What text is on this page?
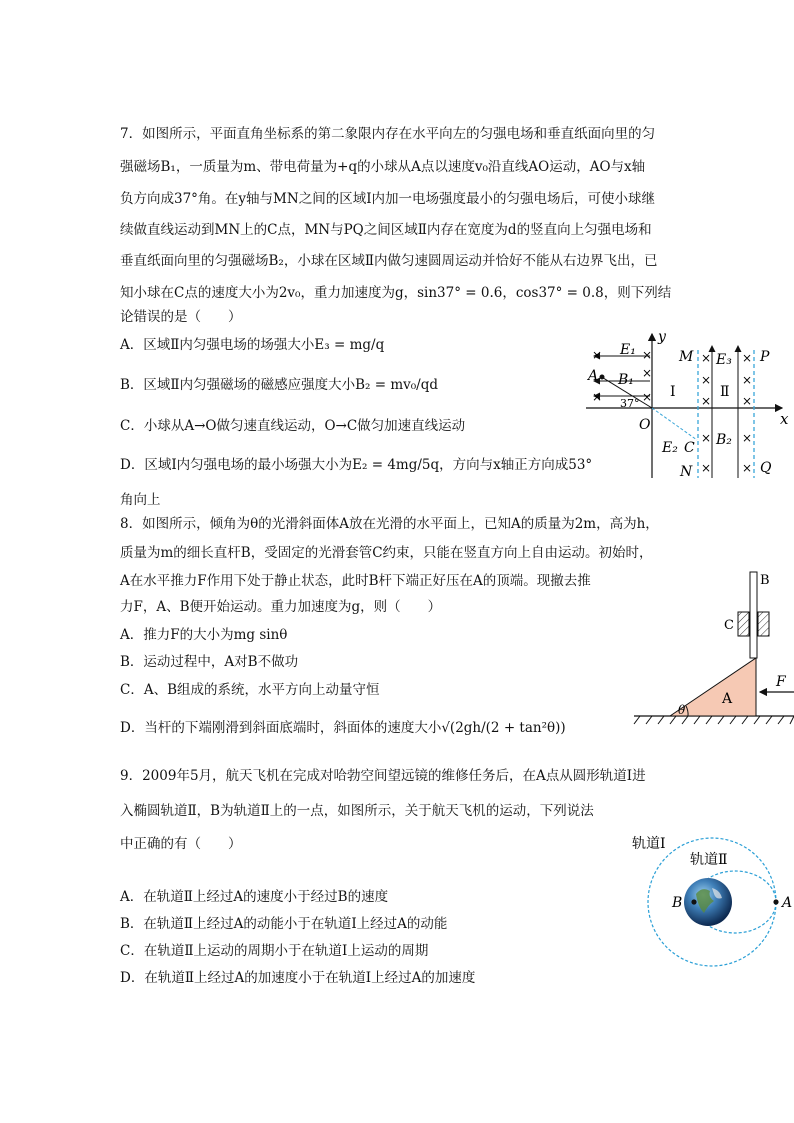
7．如图所示，平面直角坐标系的第二象限内存在水平向左的匀强电场和垂直纸面向里的匀
强磁场B₁，一质量为m、带电荷量为+q的小球从A点以速度v₀沿直线AO运动，AO与x轴
负方向成37°角。在y轴与MN之间的区域Ⅰ内加一电场强度最小的匀强电场后，可使小球继
续做直线运动到MN上的C点，MN与PQ之间区域Ⅱ内存在宽度为d的竖直向上匀强电场和
垂直纸面向里的匀强磁场B₂，小球在区域Ⅱ内做匀速圆周运动并恰好不能从右边界飞出，已
知小球在C点的速度大小为2v₀，重力加速度为g，sin37° = 0.6，cos37° = 0.8，则下列结
论错误的是（　　）
A．区域Ⅱ内匀强电场的场强大小E₃ = mg/q
B．区域Ⅱ内匀强磁场的磁感应强度大小B₂ = mv₀/qd
C．小球从A→O做匀速直线运动，O→C做匀加速直线运动
D．区域Ⅰ内匀强电场的最小场强大小为E₂ = 4mg/5q，方向与x轴正方向成53°
角向上
y
x
E₁
B₁
×	×
×
×	×
A
37°
O
Ⅰ
E₂ C
M
N
P
Q
E₃
Ⅱ
B₂
×	×
×	×
×	×
×	×
×	×
8．如图所示，倾角为θ的光滑斜面体A放在光滑的水平面上，已知A的质量为2m，高为h，
质量为m的细长直杆B，受固定的光滑套管C约束，只能在竖直方向上自由运动。初始时，
A在水平推力F作用下处于静止状态，此时B杆下端正好压在A的顶端。现撤去推
力F，A、B便开始运动。重力加速度为g，则（　　）
A．推力F的大小为mg sinθ
B．运动过程中，A对B不做功
C．A、B组成的系统，水平方向上动量守恒
D．当杆的下端刚滑到斜面底端时，斜面体的速度大小√(2gh/(2 + tan²θ))
A
θ
B
C
F
9．2009年5月，航天飞机在完成对哈勃空间望远镜的维修任务后，在A点从圆形轨道Ⅰ进
入椭圆轨道Ⅱ，B为轨道Ⅱ上的一点，如图所示，关于航天飞机的运动，下列说法
中正确的有（　　）
A．在轨道Ⅱ上经过A的速度小于经过B的速度
B．在轨道Ⅱ上经过A的动能小于在轨道Ⅰ上经过A的动能
C．在轨道Ⅱ上运动的周期小于在轨道Ⅰ上运动的周期
D．在轨道Ⅱ上经过A的加速度小于在轨道Ⅰ上经过A的加速度
轨道Ⅰ
轨道Ⅱ
B	A
